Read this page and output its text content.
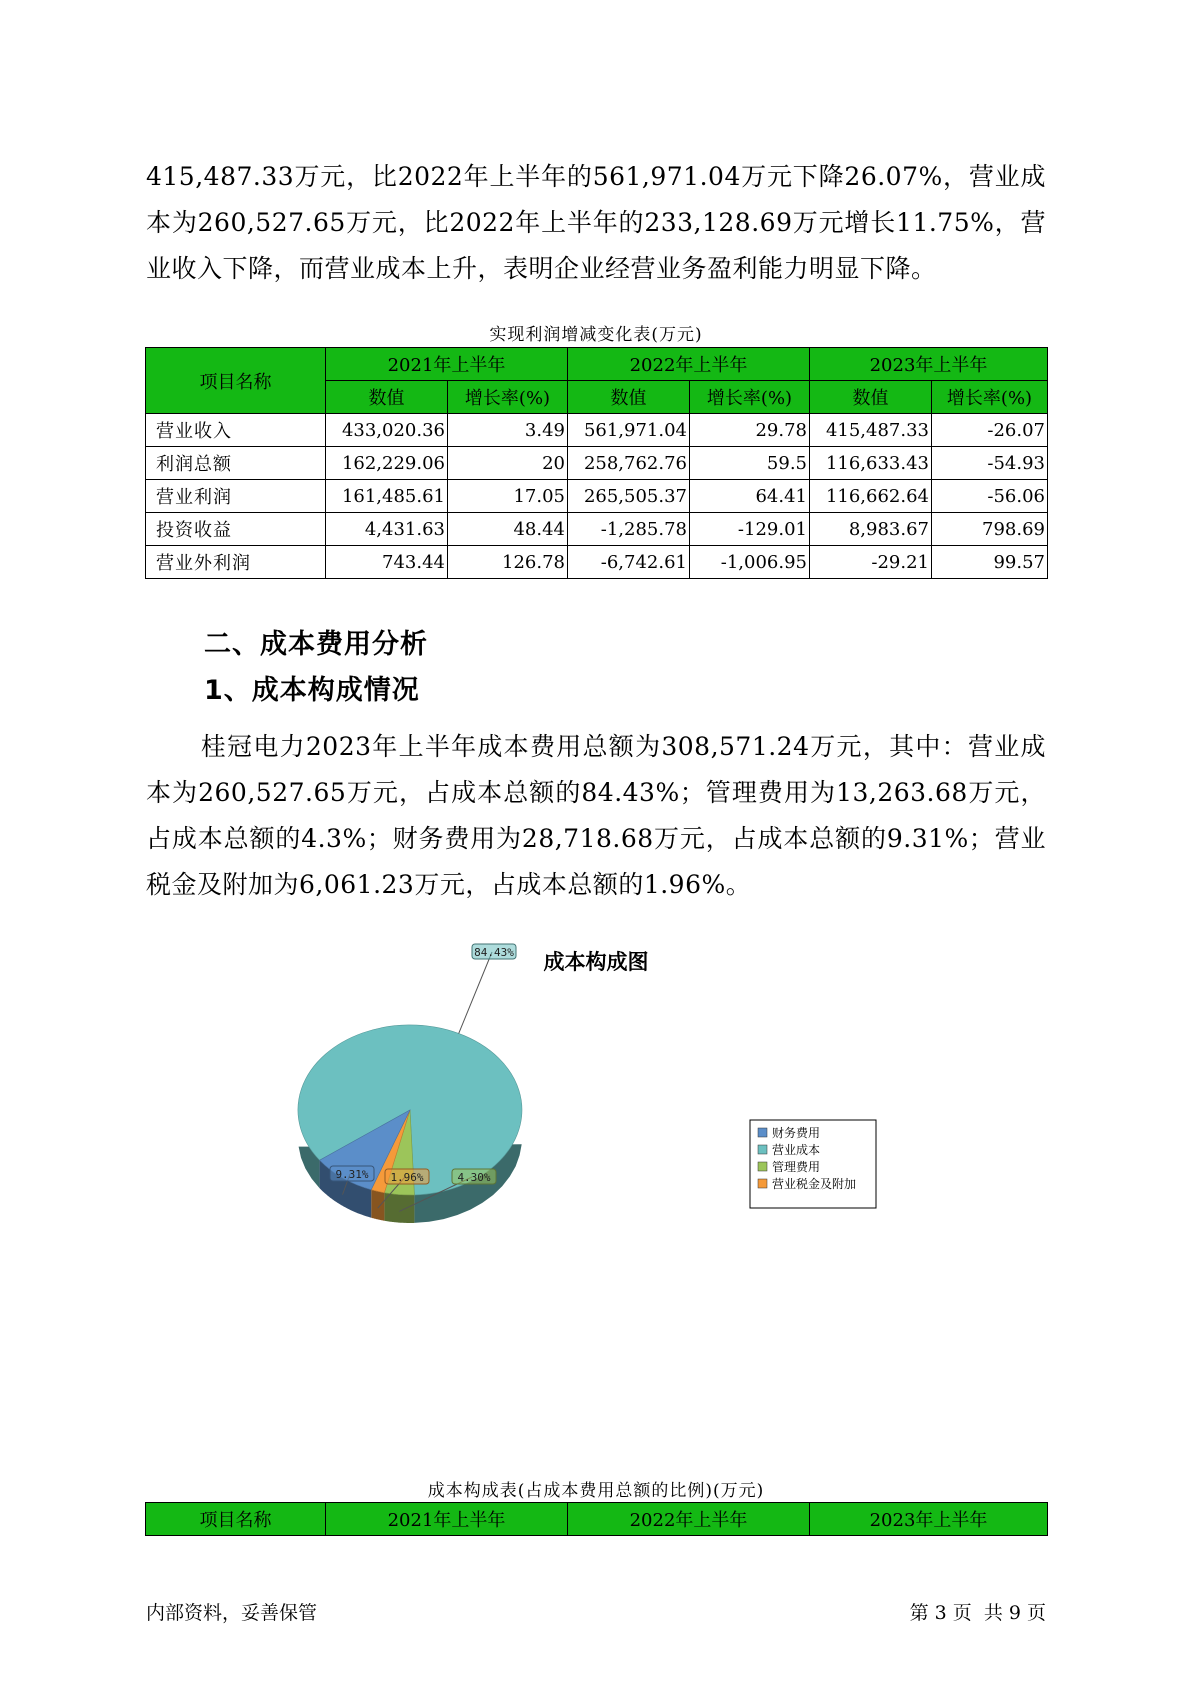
415,487.33万元，比2022年上半年的561,971.04万元下降26.07%，营业成本为260,527.65万元，比2022年上半年的233,128.69万元增长11.75%，营业收入下降，而营业成本上升，表明企业经营业务盈利能力明显下降。

实现利润增减变化表(万元)
项目名称	2021年上半年		2022年上半年		2023年上半年	
	数值	增长率(%)	数值	增长率(%)	数值	增长率(%)
营业收入	433,020.36	3.49	561,971.04	29.78	415,487.33	-26.07
利润总额	162,229.06	20	258,762.76	59.5	116,633.43	-54.93
营业利润	161,485.61	17.05	265,505.37	64.41	116,662.64	-56.06
投资收益	4,431.63	48.44	-1,285.78	-129.01	8,983.67	798.69
营业外利润	743.44	126.78	-6,742.61	-1,006.95	-29.21	99.57
二、成本费用分析
1、成本构成情况

桂冠电力2023年上半年成本费用总额为308,571.24万元，其中：营业成本为260,527.65万元，占成本总额的84.43%；管理费用为13,263.68万元，占成本总额的4.3%；财务费用为28,718.68万元，占成本总额的9.31%；营业税金及附加为6,061.23万元，占成本总额的1.96%。

成本构成图
84.43%
4.30%
1.96%
9.31%
财务费用
营业成本
管理费用
营业税金及附加
成本构成表(占成本费用总额的比例)(万元)
项目名称	2021年上半年	2022年上半年	2023年上半年
内部资料，妥善保管	第 3 页  共 9 页
